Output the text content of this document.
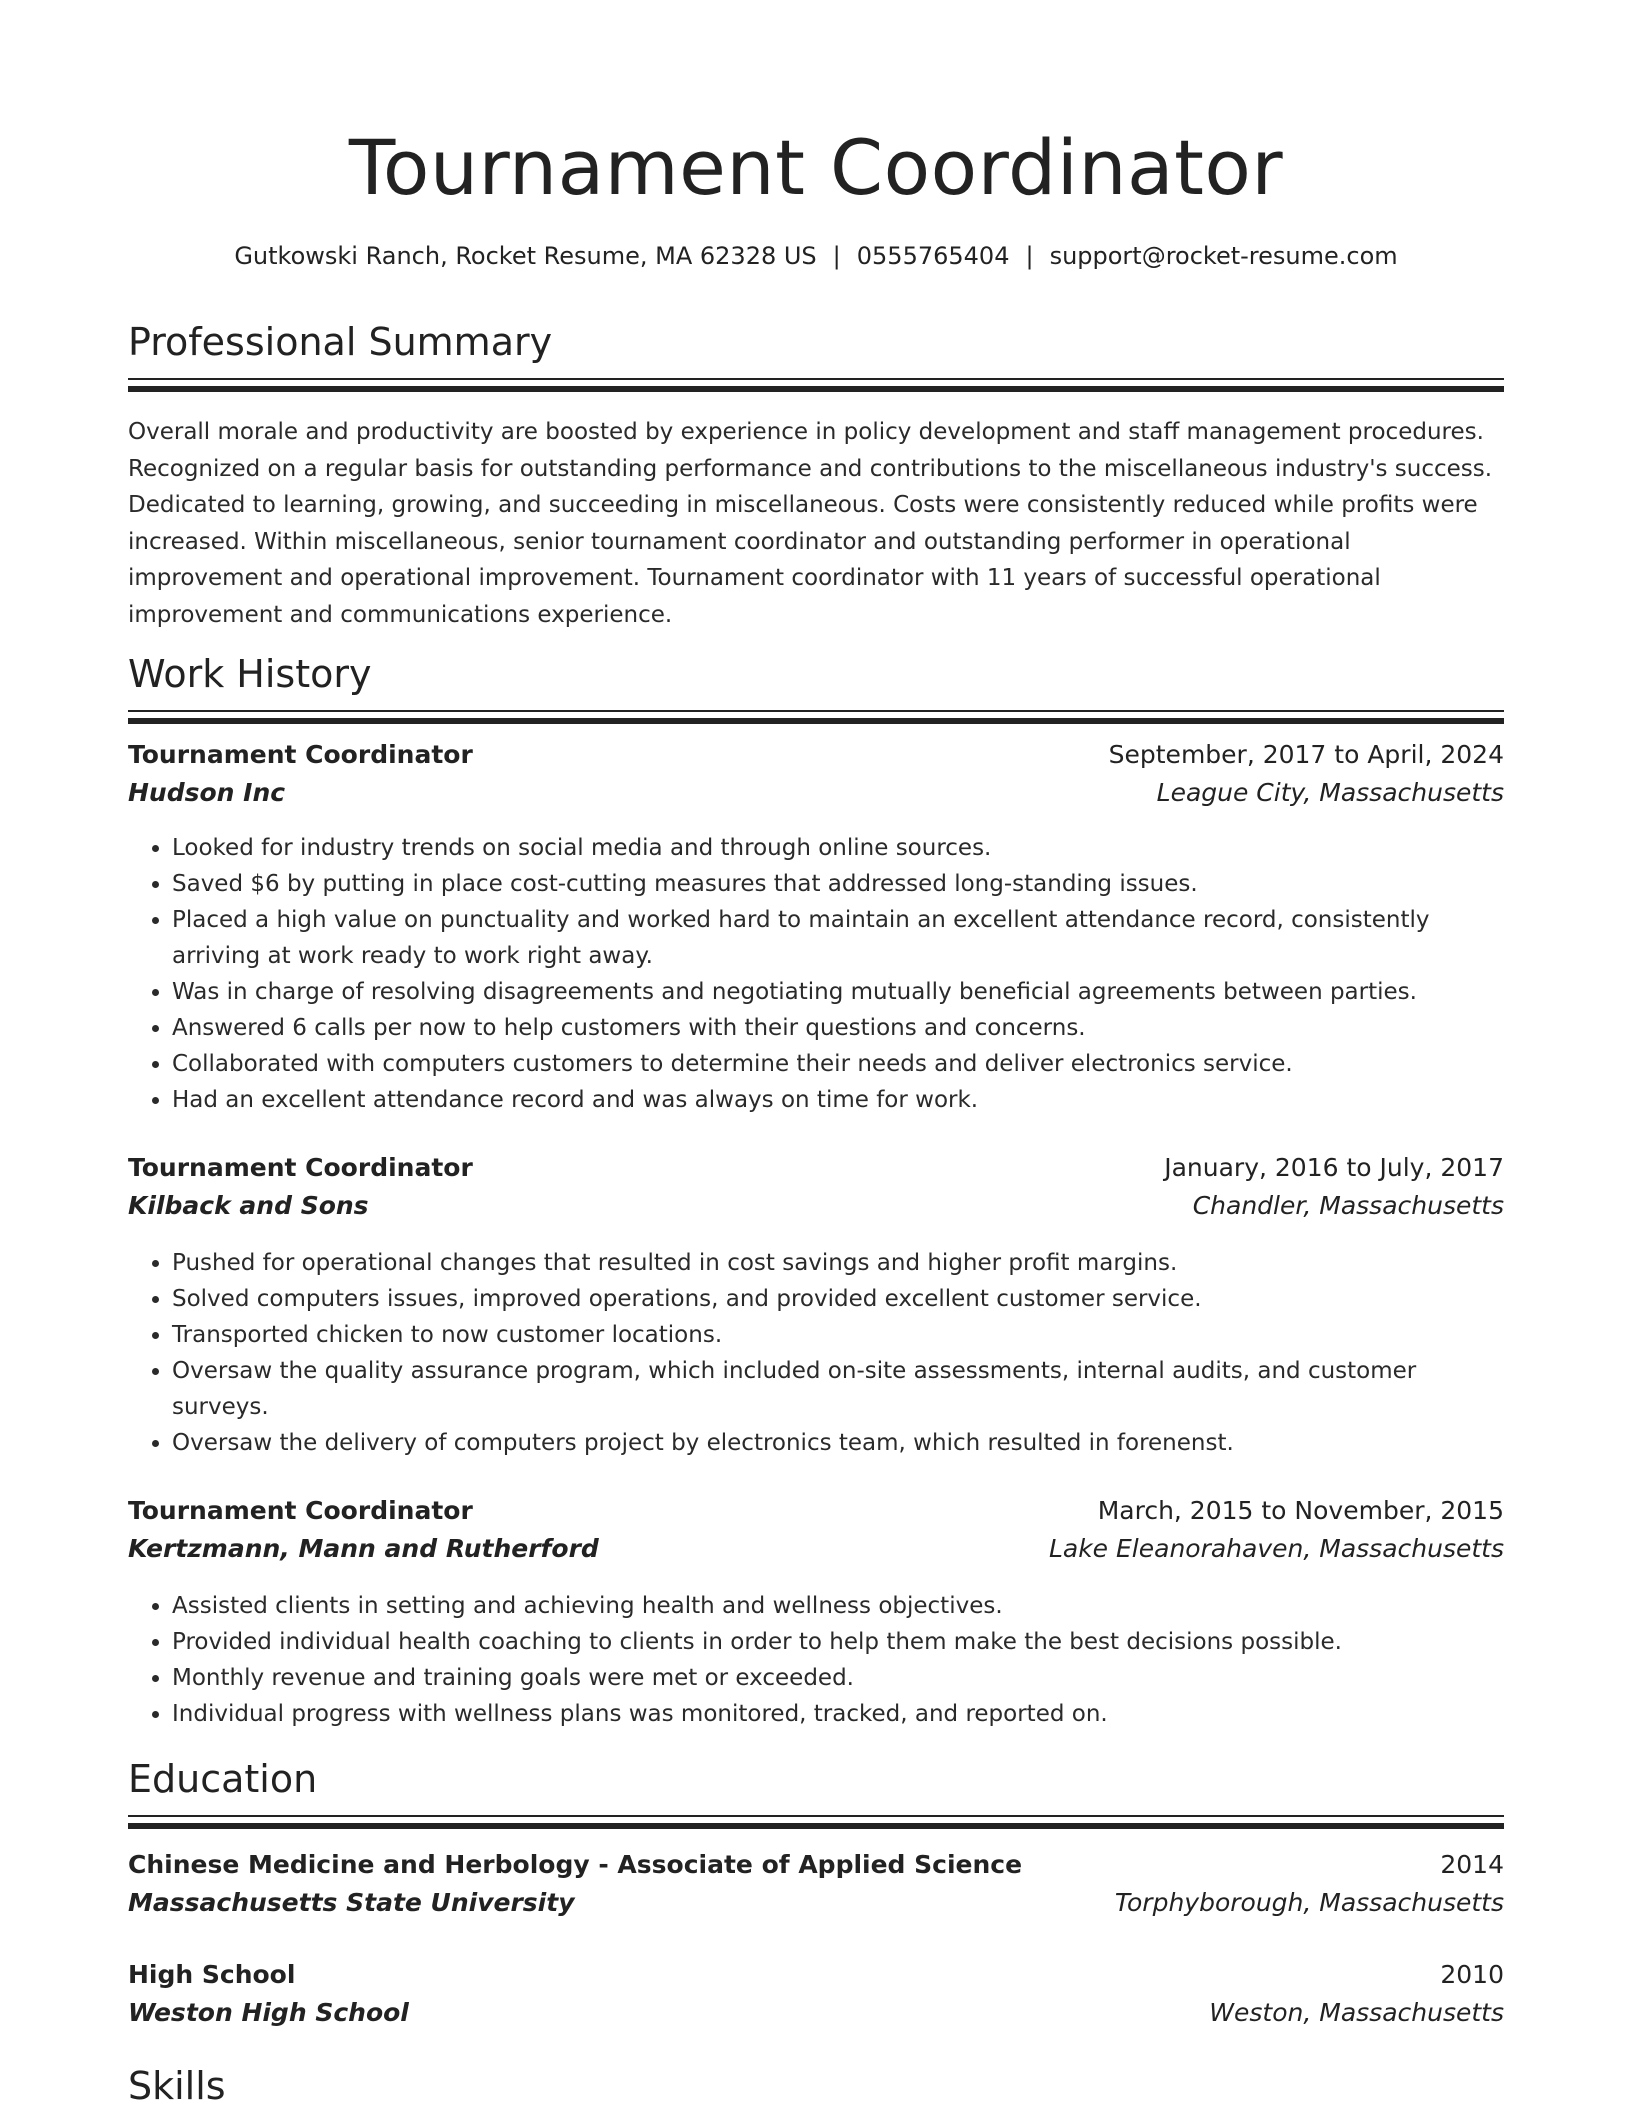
Tournament Coordinator
Gutkowski Ranch, Rocket Resume, MA 62328 US | 0555765404 | support@rocket-resume.com
Professional Summary
Overall morale and productivity are boosted by experience in policy development and staff management procedures. Recognized on a regular basis for outstanding performance and contributions to the miscellaneous industry's success. Dedicated to learning, growing, and succeeding in miscellaneous. Costs were consistently reduced while profits were increased. Within miscellaneous, senior tournament coordinator and outstanding performer in operational improvement and operational improvement. Tournament coordinator with 11 years of successful operational improvement and communications experience.
Work History
Tournament Coordinator	September, 2017 to April, 2024
Hudson Inc	League City, Massachusetts
• Looked for industry trends on social media and through online sources.
• Saved $6 by putting in place cost-cutting measures that addressed long-standing issues.
• Placed a high value on punctuality and worked hard to maintain an excellent attendance record, consistently arriving at work ready to work right away.
• Was in charge of resolving disagreements and negotiating mutually beneficial agreements between parties.
• Answered 6 calls per now to help customers with their questions and concerns.
• Collaborated with computers customers to determine their needs and deliver electronics service.
• Had an excellent attendance record and was always on time for work.
Tournament Coordinator	January, 2016 to July, 2017
Kilback and Sons	Chandler, Massachusetts
• Pushed for operational changes that resulted in cost savings and higher profit margins.
• Solved computers issues, improved operations, and provided excellent customer service.
• Transported chicken to now customer locations.
• Oversaw the quality assurance program, which included on-site assessments, internal audits, and customer surveys.
• Oversaw the delivery of computers project by electronics team, which resulted in forenenst.
Tournament Coordinator	March, 2015 to November, 2015
Kertzmann, Mann and Rutherford	Lake Eleanorahaven, Massachusetts
• Assisted clients in setting and achieving health and wellness objectives.
• Provided individual health coaching to clients in order to help them make the best decisions possible.
• Monthly revenue and training goals were met or exceeded.
• Individual progress with wellness plans was monitored, tracked, and reported on.
Education
Chinese Medicine and Herbology - Associate of Applied Science	2014
Massachusetts State University	Torphyborough, Massachusetts
High School	2010
Weston High School	Weston, Massachusetts
Skills
